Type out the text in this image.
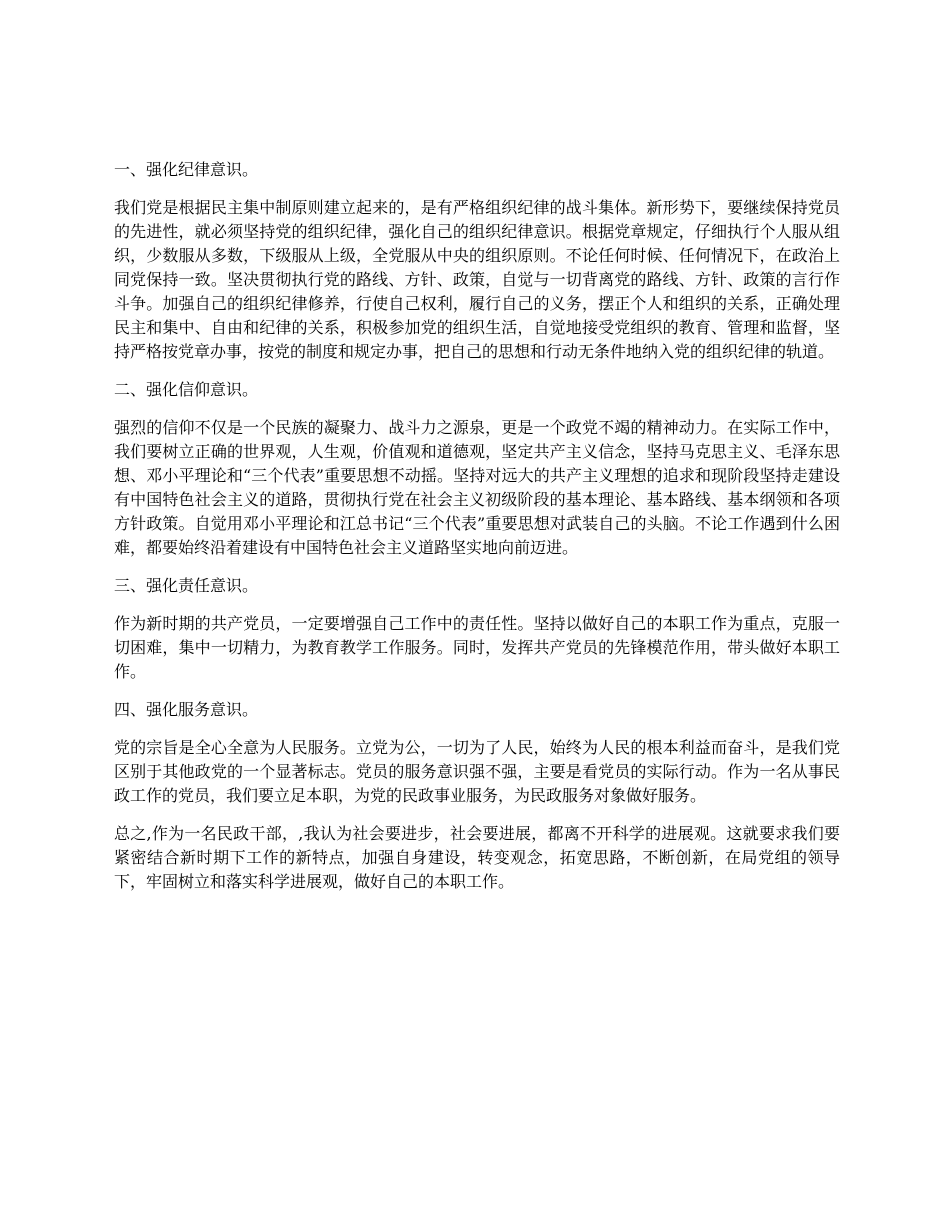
一、强化纪律意识。
我们党是根据民主集中制原则建立起来的，是有严格组织纪律的战斗集体。新形势下，要继续保持党员的先进性，就必须坚持党的组织纪律，强化自己的组织纪律意识。根据党章规定，仔细执行个人服从组织，少数服从多数，下级服从上级，全党服从中央的组织原则。不论任何时候、任何情况下，在政治上同党保持一致。坚决贯彻执行党的路线、方针、政策，自觉与一切背离党的路线、方针、政策的言行作斗争。加强自己的组织纪律修养，行使自己权利，履行自己的义务，摆正个人和组织的关系，正确处理民主和集中、自由和纪律的关系，积极参加党的组织生活，自觉地接受党组织的教育、管理和监督，坚持严格按党章办事，按党的制度和规定办事，把自己的思想和行动无条件地纳入党的组织纪律的轨道。
二、强化信仰意识。
强烈的信仰不仅是一个民族的凝聚力、战斗力之源泉，更是一个政党不竭的精神动力。在实际工作中，我们要树立正确的世界观，人生观，价值观和道德观，坚定共产主义信念，坚持马克思主义、毛泽东思想、邓小平理论和“三个代表”重要思想不动摇。坚持对远大的共产主义理想的追求和现阶段坚持走建设有中国特色社会主义的道路，贯彻执行党在社会主义初级阶段的基本理论、基本路线、基本纲领和各项方针政策。自觉用邓小平理论和江总书记“三个代表”重要思想对武装自己的头脑。不论工作遇到什么困难，都要始终沿着建设有中国特色社会主义道路坚实地向前迈进。
三、强化责任意识。
作为新时期的共产党员，一定要增强自己工作中的责任性。坚持以做好自己的本职工作为重点，克服一切困难，集中一切精力，为教育教学工作服务。同时，发挥共产党员的先锋模范作用，带头做好本职工作。
四、强化服务意识。
党的宗旨是全心全意为人民服务。立党为公，一切为了人民，始终为人民的根本利益而奋斗，是我们党区别于其他政党的一个显著标志。党员的服务意识强不强，主要是看党员的实际行动。作为一名从事民政工作的党员，我们要立足本职，为党的民政事业服务，为民政服务对象做好服务。
总之,作为一名民政干部，,我认为社会要进步，社会要进展，都离不开科学的进展观。这就要求我们要紧密结合新时期下工作的新特点，加强自身建设，转变观念，拓宽思路，不断创新，在局党组的领导下，牢固树立和落实科学进展观，做好自己的本职工作。
